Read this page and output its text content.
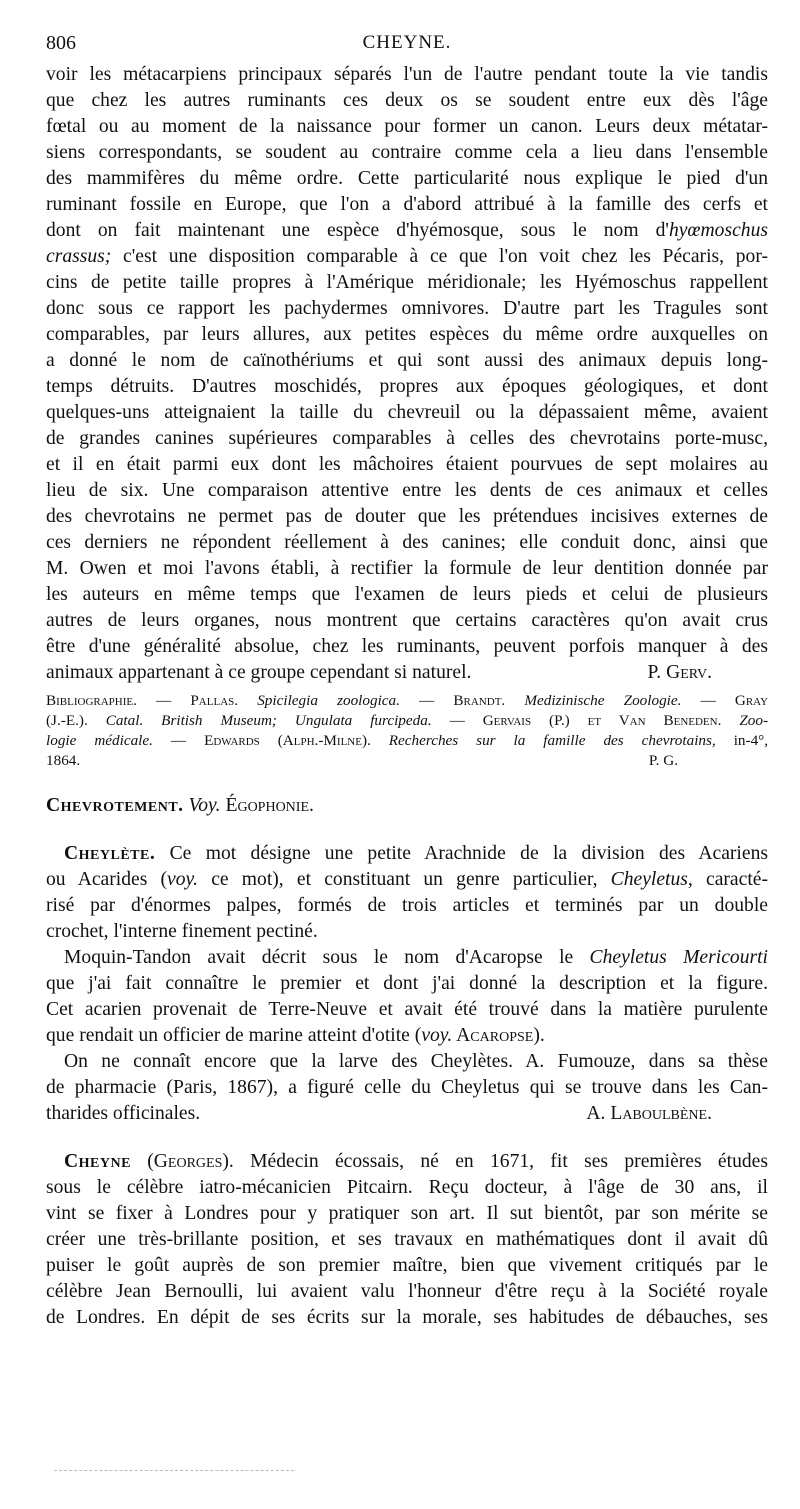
806	CHEYNE.
voir les métacarpiens principaux séparés l'un de l'autre pendant toute la vie tandis
que chez les autres ruminants ces deux os se soudent entre eux dès l'âge
fœtal ou au moment de la naissance pour former un canon. Leurs deux métatar-
siens correspondants, se soudent au contraire comme cela a lieu dans l'ensemble
des mammifères du même ordre. Cette particularité nous explique le pied d'un
ruminant fossile en Europe, que l'on a d'abord attribué à la famille des cerfs et
dont on fait maintenant une espèce d'hyémosque, sous le nom d'hyœmoschus
crassus; c'est une disposition comparable à ce que l'on voit chez les Pécaris, por-
cins de petite taille propres à l'Amérique méridionale; les Hyémoschus rappellent
donc sous ce rapport les pachydermes omnivores. D'autre part les Tragules sont
comparables, par leurs allures, aux petites espèces du même ordre auxquelles on
a donné le nom de caïnothériums et qui sont aussi des animaux depuis long-
temps détruits. D'autres moschidés, propres aux époques géologiques, et dont
quelques-uns atteignaient la taille du chevreuil ou la dépassaient même, avaient
de grandes canines supérieures comparables à celles des chevrotains porte-musc,
et il en était parmi eux dont les mâchoires étaient pourvues de sept molaires au
lieu de six. Une comparaison attentive entre les dents de ces animaux et celles
des chevrotains ne permet pas de douter que les prétendues incisives externes de
ces derniers ne répondent réellement à des canines; elle conduit donc, ainsi que
M. Owen et moi l'avons établi, à rectifier la formule de leur dentition donnée par
les auteurs en même temps que l'examen de leurs pieds et celui de plusieurs
autres de leurs organes, nous montrent que certains caractères qu'on avait crus
être d'une généralité absolue, chez les ruminants, peuvent porfois manquer à des
animaux appartenant à ce groupe cependant si naturel.	P. Gerv.
Bibliographie. — Pallas. Spicilegia zoologica. — Brandt. Medizinische Zoologie. — Gray
(J.-E.). Catal. British Museum; Ungulata furcipeda. — Gervais (P.) et Van Beneden. Zoo-
logie médicale. — Edwards (Alph.-Milne). Recherches sur la famille des chevrotains, in-4°,
1864.	P. G.
Chevrotement. Voy. Égophonie.
Cheylète. Ce mot désigne une petite Arachnide de la division des Acariens
ou Acarides (voy. ce mot), et constituant un genre particulier, Cheyletus, caracté-
risé par d'énormes palpes, formés de trois articles et terminés par un double
crochet, l'interne finement pectiné.
Moquin-Tandon avait décrit sous le nom d'Acaropse le Cheyletus Mericourti
que j'ai fait connaître le premier et dont j'ai donné la description et la figure.
Cet acarien provenait de Terre-Neuve et avait été trouvé dans la matière purulente
que rendait un officier de marine atteint d'otite (voy. Acaropse).
On ne connaît encore que la larve des Cheylètes. A. Fumouze, dans sa thèse
de pharmacie (Paris, 1867), a figuré celle du Cheyletus qui se trouve dans les Can-
tharides officinales.	A. Laboulbène.
Cheyne (Georges). Médecin écossais, né en 1671, fit ses premières études
sous le célèbre iatro-mécanicien Pitcairn. Reçu docteur, à l'âge de 30 ans, il
vint se fixer à Londres pour y pratiquer son art. Il sut bientôt, par son mérite se
créer une très-brillante position, et ses travaux en mathématiques dont il avait dû
puiser le goût auprès de son premier maître, bien que vivement critiqués par le
célèbre Jean Bernoulli, lui avaient valu l'honneur d'être reçu à la Société royale
de Londres. En dépit de ses écrits sur la morale, ses habitudes de débauches, ses
